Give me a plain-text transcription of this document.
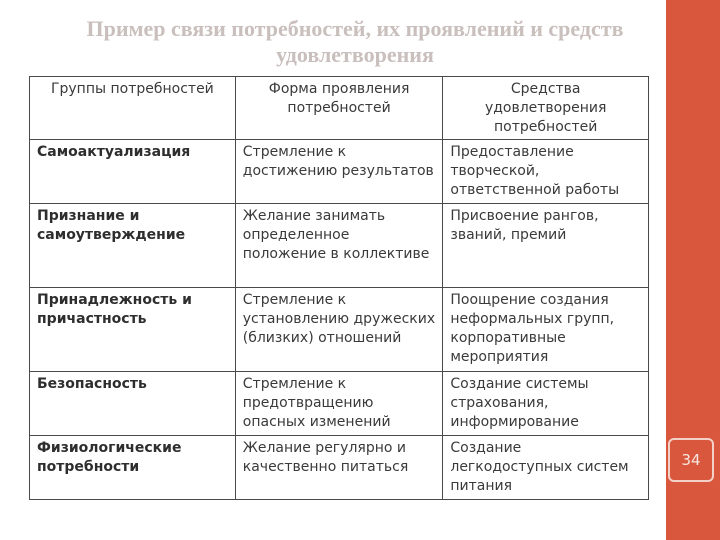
Пример связи потребностей, их проявлений и средств удовлетворения
Группы потребностей	Форма проявления потребностей	Средства удовлетворения потребностей
Самоактуализация	Стремление к достижению результатов	Предоставление творческой, ответственной работы
Признание и самоутверждение	Желание занимать определенное положение в коллективе	Присвоение рангов, званий, премий
Принадлежность и причастность	Стремление к установлению дружеских (близких) отношений	Поощрение создания неформальных групп, корпоративные мероприятия
Безопасность	Стремление к предотвращению опасных изменений	Создание системы страхования, информирование
Физиологические потребности	Желание регулярно и качественно питаться	Создание легкодоступных систем питания
34
